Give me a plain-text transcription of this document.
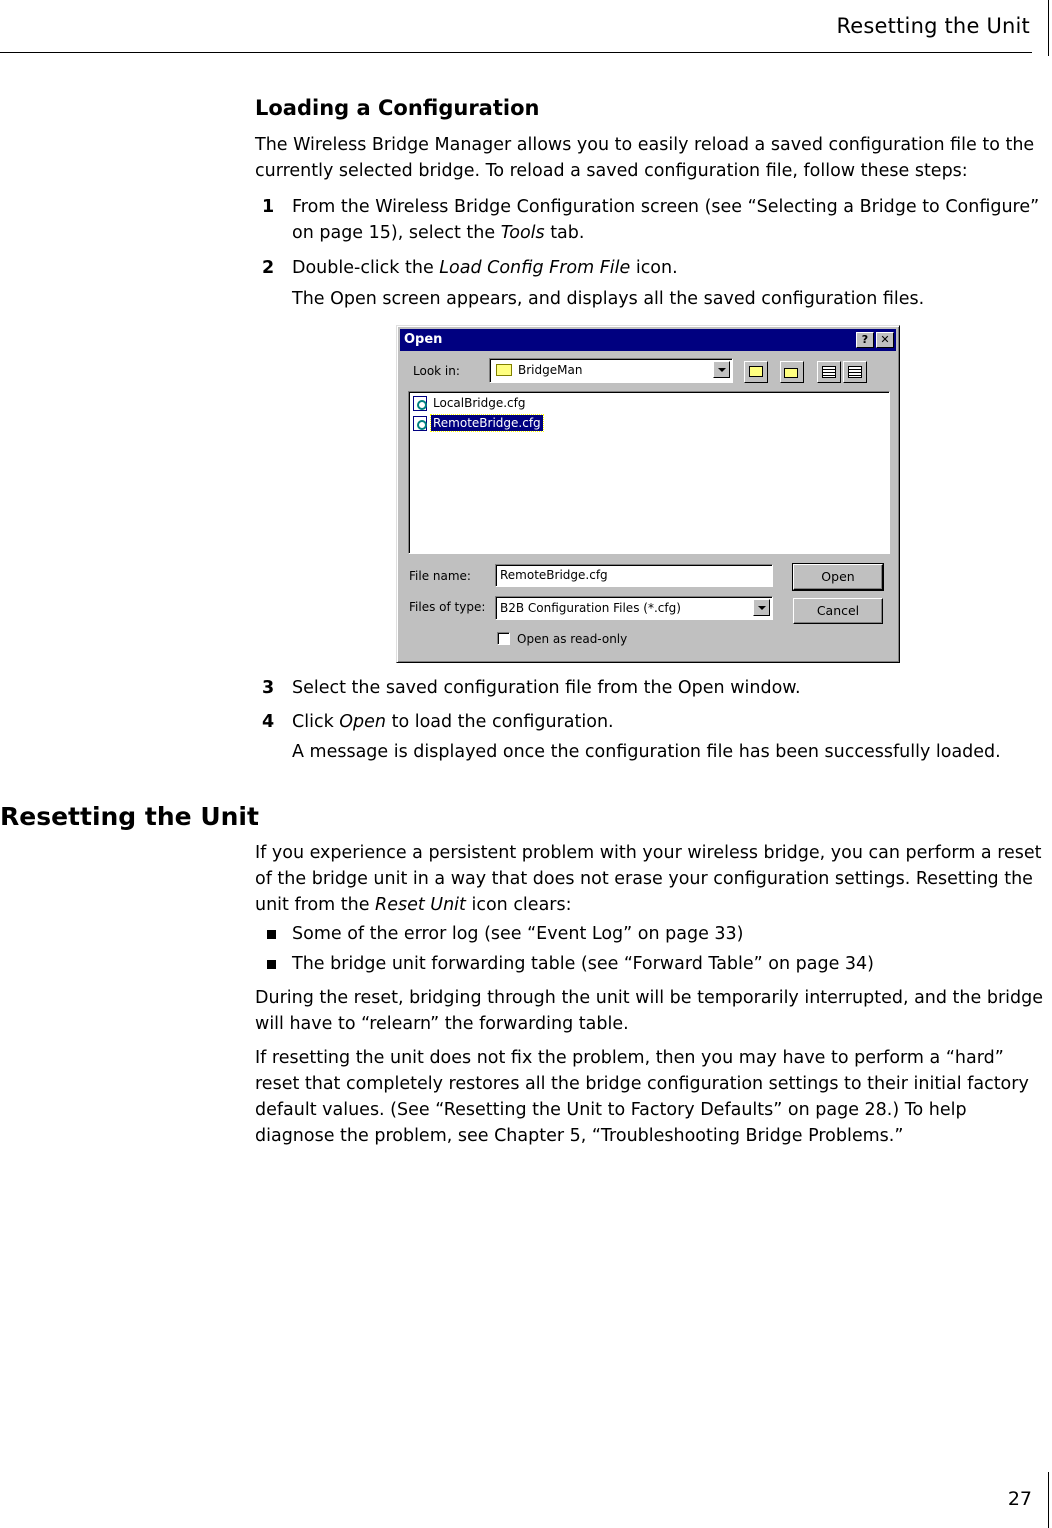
Resetting the Unit
Loading a Configuration
The Wireless Bridge Manager allows you to easily reload a saved configuration file to the currently selected bridge. To reload a saved configuration file, follow these steps:
1 From the Wireless Bridge Configuration screen (see “Selecting a Bridge to Configure” on page 15), select the Tools tab.
2 Double-click the Load Config From File icon.
The Open screen appears, and displays all the saved configuration files.
Open	?	✕
Look in:	BridgeMan
LocalBridge.cfg
RemoteBridge.cfg
File name: RemoteBridge.cfg
Files of type: B2B Configuration Files (*.cfg)
Open
Cancel
Open as read-only
3 Select the saved configuration file from the Open window.
4 Click Open to load the configuration.
A message is displayed once the configuration file has been successfully loaded.
Resetting the Unit
If you experience a persistent problem with your wireless bridge, you can perform a reset of the bridge unit in a way that does not erase your configuration settings. Resetting the unit from the Reset Unit icon clears:
Some of the error log (see “Event Log” on page 33)
The bridge unit forwarding table (see “Forward Table” on page 34)
During the reset, bridging through the unit will be temporarily interrupted, and the bridge will have to “relearn” the forwarding table.
If resetting the unit does not fix the problem, then you may have to perform a “hard” reset that completely restores all the bridge configuration settings to their initial factory default values. (See “Resetting the Unit to Factory Defaults” on page 28.) To help diagnose the problem, see Chapter 5, “Troubleshooting Bridge Problems.”
27
